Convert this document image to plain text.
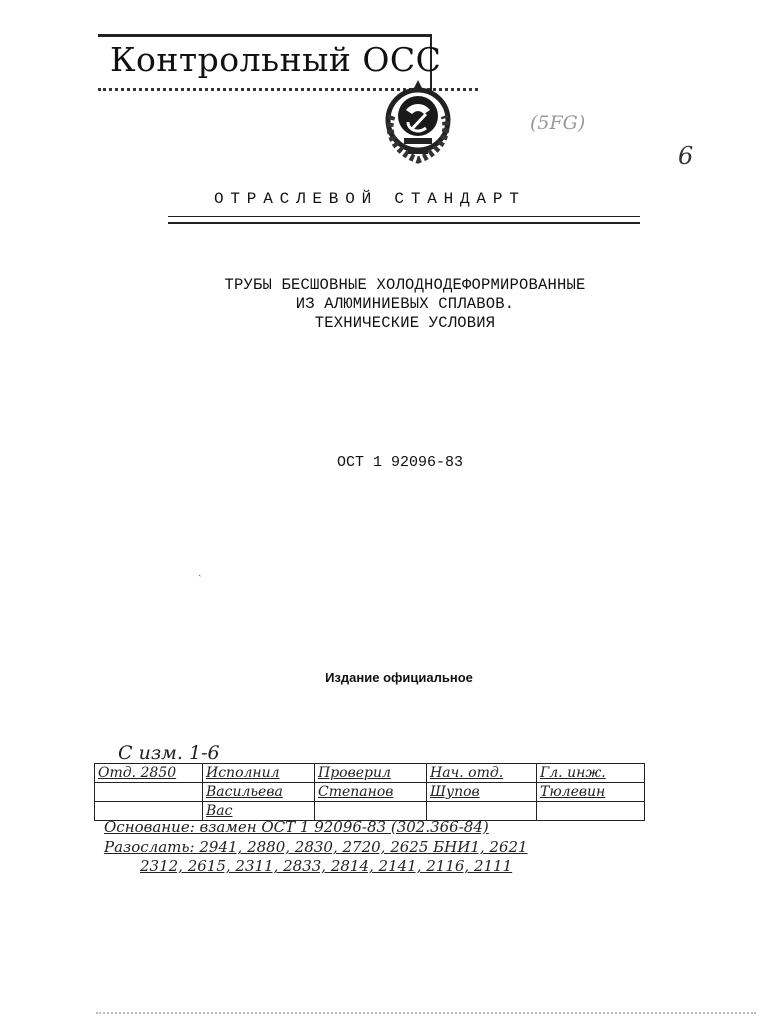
Контрольный ОСС
(5FG)
6
ОТРАСЛЕВОЙ СТАНДАРТ
ТРУБЫ БЕСШОВНЫЕ ХОЛОДНОДЕФОРМИРОВАННЫЕ
ИЗ АЛЮМИНИЕВЫХ СПЛАВОВ.
ТЕХНИЧЕСКИЕ УСЛОВИЯ
ОСТ 1 92096-83
ˋ
Издание официальное
С изм. 1-6
Отд. 2850	Исполнил	Проверил	Нач. отд.	Гл. инж.
	Васильева	Степанов	Шупов	Тюлевин
	Вас			
Основание: взамен ОСТ 1 92096-83 (302.366-84)
Разослать: 2941, 2880, 2830, 2720, 2625 БНИ1, 2621
2312, 2615, 2311, 2833, 2814, 2141, 2116, 2111
